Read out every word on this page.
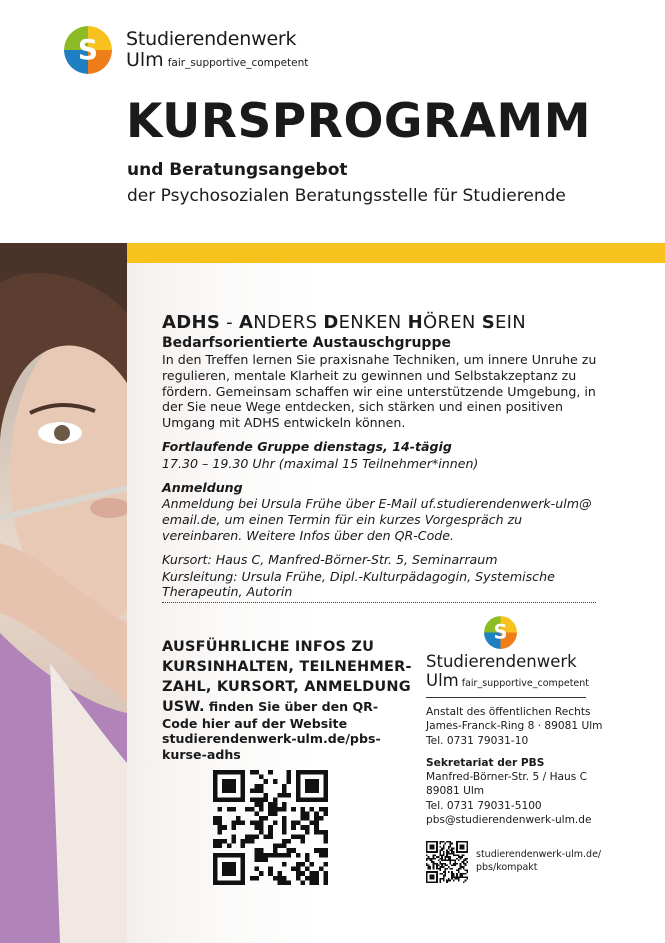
S Studierendenwerk
Ulm fair_supportive_competent
KURSPROGRAMM
und Beratungsangebot
der Psychosozialen Beratungsstelle für Studierende
ADHS - ANDERS DENKEN HÖREN SEIN
Bedarfsorientierte Austauschgruppe
In den Treffen lernen Sie praxisnahe Techniken, um innere Unruhe zu regulieren, mentale Klarheit zu gewinnen und Selbstakzeptanz zu fördern. Gemeinsam schaffen wir eine unterstützende Umgebung, in der Sie neue Wege entdecken, sich stärken und einen positiven Umgang mit ADHS entwickeln können.
Fortlaufende Gruppe dienstags, 14-tägig
17.30 – 19.30 Uhr (maximal 15 Teilnehmer*innen)
Anmeldung
Anmeldung bei Ursula Frühe über E-Mail uf.studierendenwerk-ulm@ email.de, um einen Termin für ein kurzes Vorgespräch zu vereinbaren. Weitere Infos über den QR-Code.
Kursort: Haus C, Manfred-Börner-Str. 5, Seminarraum
Kursleitung: Ursula Frühe, Dipl.-Kulturpädagogin, Systemische Therapeutin, Autorin
AUSFÜHRLICHE INFOS ZU
KURSINHALTEN, TEILNEHMER-
ZAHL, KURSORT, ANMELDUNG
USW. finden Sie über den QR-Code hier auf der Website studierendenwerk-ulm.de/pbs-kurse-adhs
S
Studierendenwerk
Ulm fair_supportive_competent
Anstalt des öffentlichen Rechts
James-Franck-Ring 8 · 89081 Ulm
Tel. 0731 79031-10
Sekretariat der PBS
Manfred-Börner-Str. 5 / Haus C
89081 Ulm
Tel. 0731 79031-5100
pbs@studierendenwerk-ulm.de
studierendenwerk-ulm.de/
pbs/kompakt
